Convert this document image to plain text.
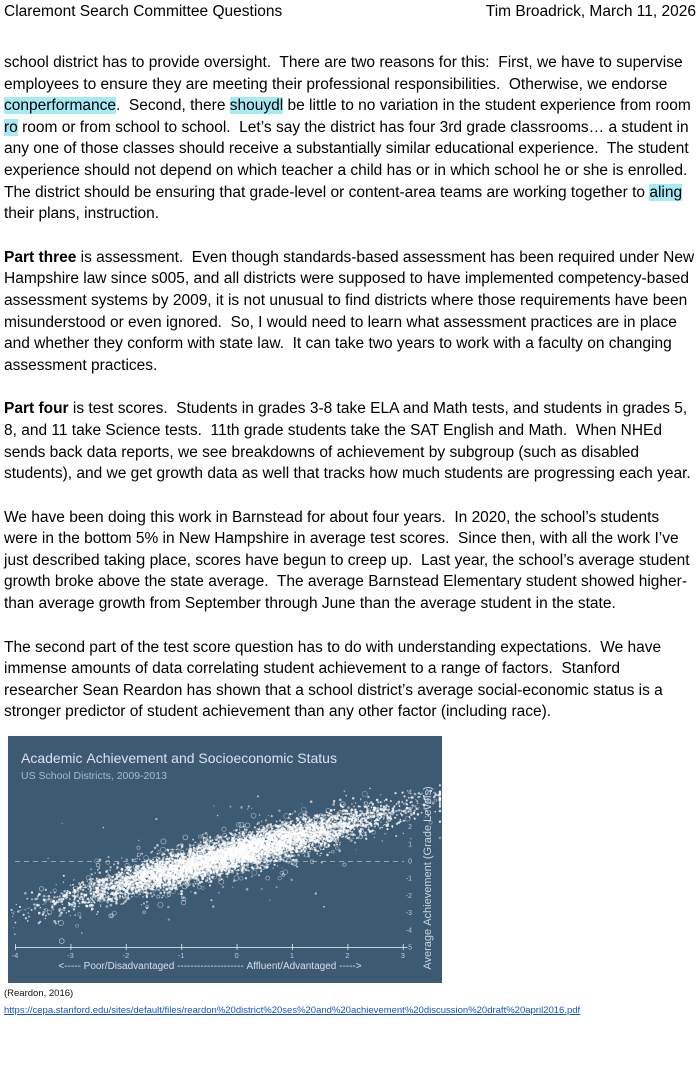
Claremont Search Committee Questions	Tim Broadrick, March 11, 2026

school district has to provide oversight.  There are two reasons for this:  First, we have to supervise employees to ensure they are meeting their professional responsibilities.  Otherwise, we endorse conperformance.  Second, there shouydl be little to no variation in the student experience from room ro room or from school to school.  Let’s say the district has four 3rd grade classrooms… a student in any one of those classes should receive a substantially similar educational experience.  The student experience should not depend on which teacher a child has or in which school he or she is enrolled.  The district should be ensuring that grade-level or content-area teams are working together to aling their plans, instruction.

Part three is assessment.  Even though standards-based assessment has been required under New Hampshire law since s005, and all districts were supposed to have implemented competency-based assessment systems by 2009, it is not unusual to find districts where those requirements have been misunderstood or even ignored.  So, I would need to learn what assessment practices are in place and whether they conform with state law.  It can take two years to work with a faculty on changing assessment practices.

Part four is test scores.  Students in grades 3-8 take ELA and Math tests, and students in grades 5, 8, and 11 take Science tests.  11th grade students take the SAT English and Math.  When NHEd sends back data reports, we see breakdowns of achievement by subgroup (such as disabled students), and we get growth data as well that tracks how much students are progressing each year.

We have been doing this work in Barnstead for about four years.  In 2020, the school’s students were in the bottom 5% in New Hampshire in average test scores.  Since then, with all the work I’ve just described taking place, scores have begun to creep up.  Last year, the school’s average student growth broke above the state average.  The average Barnstead Elementary student showed higher-than average growth from September through June than the average student in the state.

The second part of the test score question has to do with understanding expectations.  We have immense amounts of data correlating student achievement to a range of factors.  Stanford researcher Sean Reardon has shown that a school district’s average social-economic status is a stronger predictor of student achievement than any other factor (including race).

(Reardon, 2016)
https://cepa.stanford.edu/sites/default/files/reardon%20district%20ses%20and%20achievement%20discussion%20draft%20april2016.pdf
